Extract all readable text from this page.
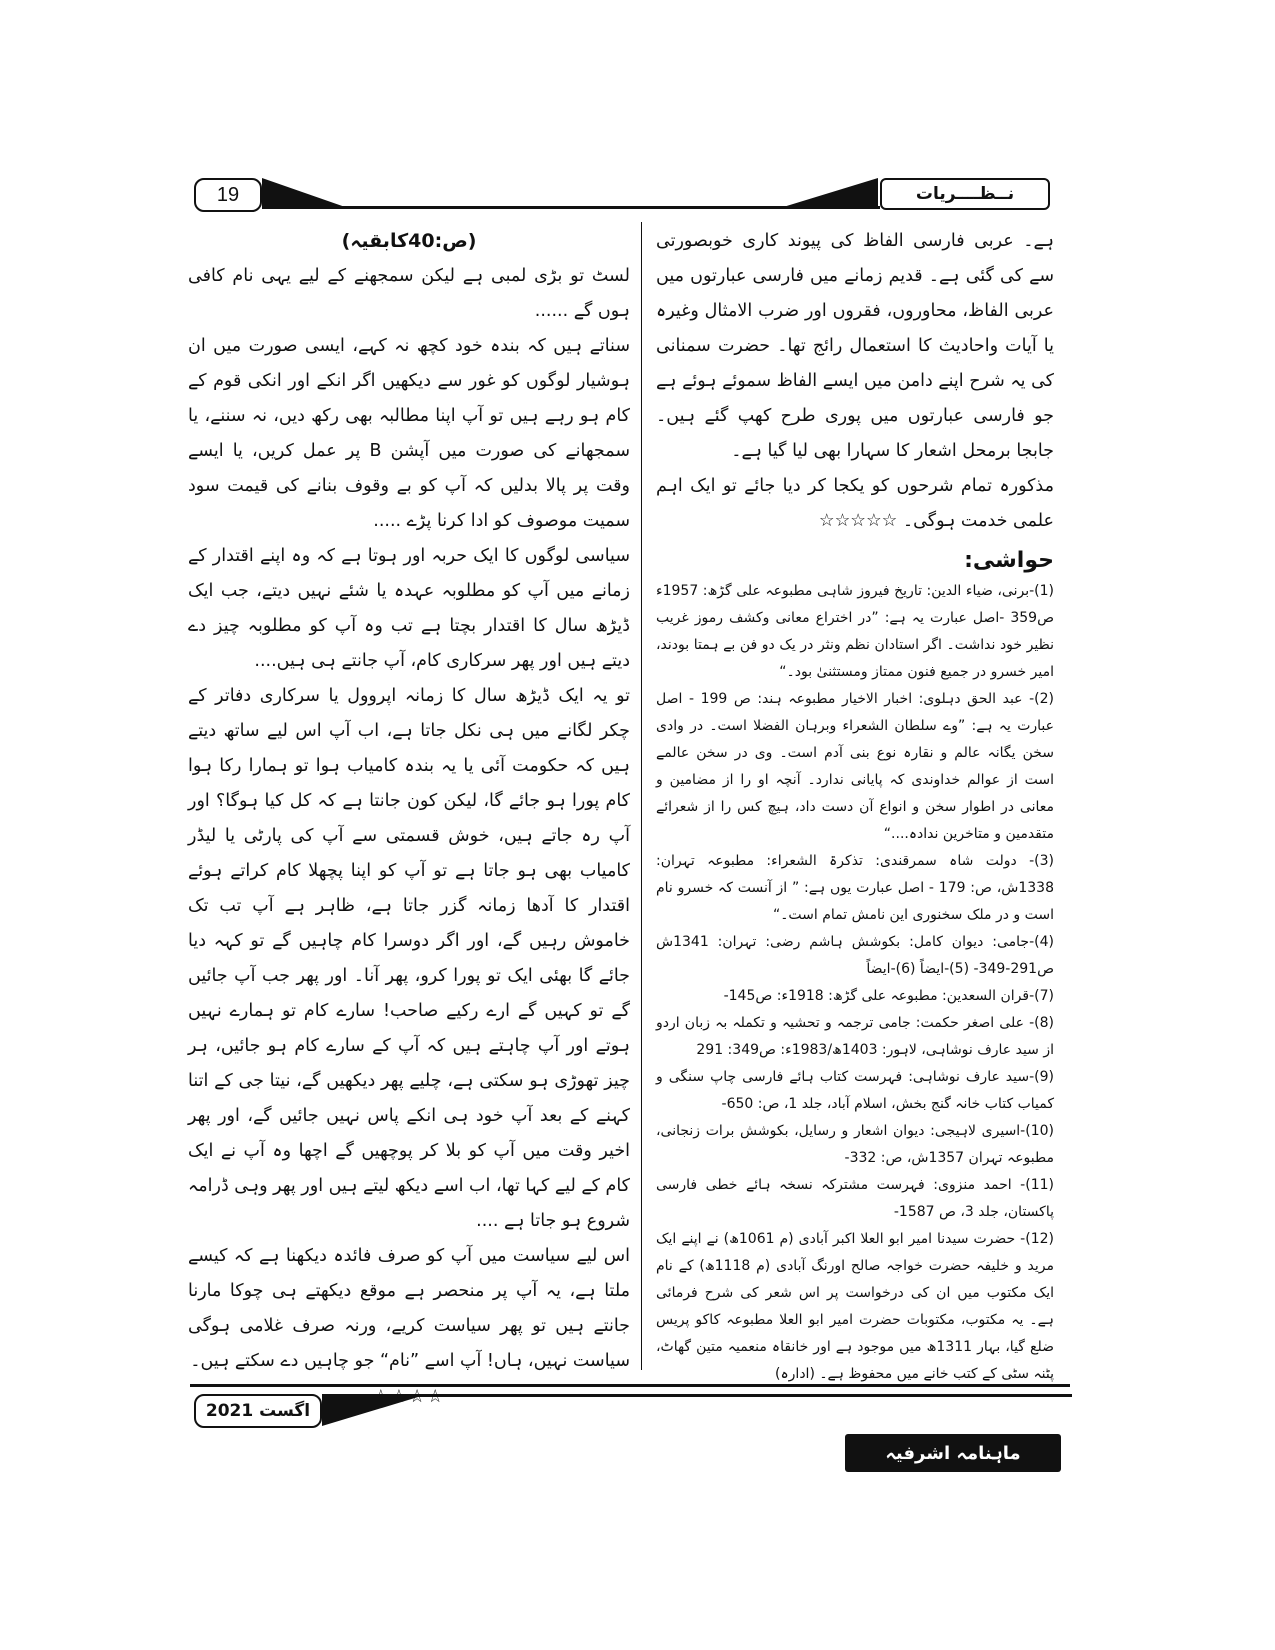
19	نــظــــريات

(ص:40کابقیہ)

لسٹ تو بڑی لمبی ہے لیکن سمجھنے کے لیے یہی نام کافی ہوں گے ......

سناتے ہیں کہ بندہ خود کچھ نہ کہے، ایسی صورت میں ان ہوشیار لوگوں کو غور سے دیکھیں اگر انکے اور انکی قوم کے کام ہو رہے ہیں تو آپ اپنا مطالبہ بھی رکھ دیں، نہ سننے، یا سمجھانے کی صورت میں آپشن B پر عمل کریں، یا ایسے وقت پر پالا بدلیں کہ آپ کو بے وقوف بنانے کی قیمت سود سمیت موصوف کو ادا کرنا پڑے .....

سیاسی لوگوں کا ایک حربہ اور ہوتا ہے کہ وہ اپنے اقتدار کے زمانے میں آپ کو مطلوبہ عہدہ یا شئے نہیں دیتے، جب ایک ڈیڑھ سال کا اقتدار بچتا ہے تب وہ آپ کو مطلوبہ چیز دے دیتے ہیں اور پھر سرکاری کام، آپ جانتے ہی ہیں....

تو یہ ایک ڈیڑھ سال کا زمانہ اپروول یا سرکاری دفاتر کے چکر لگانے میں ہی نکل جاتا ہے، اب آپ اس لیے ساتھ دیتے ہیں کہ حکومت آئی یا یہ بندہ کامیاب ہوا تو ہمارا رکا ہوا کام پورا ہو جائے گا، لیکن کون جانتا ہے کہ کل کیا ہوگا؟ اور آپ رہ جاتے ہیں، خوش قسمتی سے آپ کی پارٹی یا لیڈر کامیاب بھی ہو جاتا ہے تو آپ کو اپنا پچھلا کام کراتے ہوئے اقتدار کا آدھا زمانہ گزر جاتا ہے، ظاہر ہے آپ تب تک خاموش رہیں گے، اور اگر دوسرا کام چاہیں گے تو کہہ دیا جائے گا بھئی ایک تو پورا کرو، پھر آنا۔ اور پھر جب آپ جائیں گے تو کہیں گے ارے رکیے صاحب! سارے کام تو ہمارے نہیں ہوتے اور آپ چاہتے ہیں کہ آپ کے سارے کام ہو جائیں، ہر چیز تھوڑی ہو سکتی ہے، چلیے پھر دیکھیں گے، نیتا جی کے اتنا کہنے کے بعد آپ خود ہی انکے پاس نہیں جائیں گے، اور پھر اخیر وقت میں آپ کو بلا کر پوچھیں گے اچھا وہ آپ نے ایک کام کے لیے کہا تھا، اب اسے دیکھ لیتے ہیں اور پھر وہی ڈرامہ شروع ہو جاتا ہے ....

اس لیے سیاست میں آپ کو صرف فائدہ دیکھنا ہے کہ کیسے ملتا ہے، یہ آپ پر منحصر ہے موقع دیکھتے ہی چوکا مارنا جانتے ہیں تو پھر سیاست کریے، ورنہ صرف غلامی ہوگی سیاست نہیں، ہاں! آپ اسے ”نام“ جو چاہیں دے سکتے ہیں۔

ہے۔ عربی فارسی الفاظ کی پیوند کاری خوبصورتی سے کی گئی ہے۔ قدیم زمانے میں فارسی عبارتوں میں عربی الفاظ، محاوروں، فقروں اور ضرب الامثال وغیرہ یا آیات واحادیث کا استعمال رائج تھا۔ حضرت سمنانی کی یہ شرح اپنے دامن میں ایسے الفاظ سموئے ہوئے ہے جو فارسی عبارتوں میں پوری طرح کھپ گئے ہیں۔ جابجا برمحل اشعار کا سہارا بھی لیا گیا ہے۔

مذکورہ تمام شرحوں کو یکجا کر دیا جائے تو ایک اہم علمی خدمت ہوگی۔ ☆☆☆☆☆

حواشی:

(1)-برنی، ضیاء الدین: تاریخ فیروز شاہی مطبوعہ علی گڑھ: 1957ء ص359 -اصل عبارت یہ ہے: ”در اختراع معانی وکشف رموز غریب نظیر خود نداشت۔ اگر استادان نظم ونثر در یک دو فن بے ہمتا بودند، امیر خسرو در جمیع فنون ممتاز ومستثنیٰ بود۔“

(2)- عبد الحق دہلوی: اخبار الاخیار مطبوعہ ہند: ص 199 - اصل عبارت یہ ہے: ”وے سلطان الشعراء وبرہان الفضلا است۔ در وادی سخن یگانہ عالم و نقارہ نوع بنی آدم است۔ وی در سخن عالمے است از عوالم خداوندی کہ پایانی ندارد۔ آنچہ او را از مضامین و معانی در اطوار سخن و انواع آن دست داد، ہیچ کس را از شعرائے متقدمین و متاخرین ندادہ....“

(3)- دولت شاہ سمرقندی: تذکرۃ الشعراء: مطبوعہ تہران: 1338ش، ص: 179 - اصل عبارت یوں ہے: ” از آنست کہ خسرو نام است و در ملک سخنوری این نامش تمام است۔“

(4)-جامی: دیوان کامل: بکوشش ہاشم رضی: تہران: 1341ش ص291-349- (5)-ایضاً (6)-ایضاً

(7)-قران السعدین: مطبوعہ علی گڑھ: 1918ء: ص145-

(8)- علی اصغر حکمت: جامی ترجمہ و تحشیہ و تکملہ بہ زبان اردو از سید عارف نوشاہی، لاہور: 1403ھ/1983ء: ص349: 291

(9)-سید عارف نوشاہی: فہرست کتاب ہائے فارسی چاپ سنگی و کمیاب کتاب خانہ گنج بخش، اسلام آباد، جلد 1، ص: 650-

(10)-اسیری لاہیجی: دیوان اشعار و رسایل، بکوشش برات زنجانی، مطبوعہ تہران 1357ش، ص: 332-

(11)- احمد منزوی: فہرست مشترکہ نسخہ ہائے خطی فارسی پاکستان، جلد 3، ص 1587-

(12)- حضرت سیدنا امیر ابو العلا اکبر آبادی (م 1061ھ) نے اپنے ایک مرید و خلیفہ حضرت خواجہ صالح اورنگ آبادی (م 1118ھ) کے نام ایک مکتوب میں ان کی درخواست پر اس شعر کی شرح فرمائی ہے۔ یہ مکتوب، مکتوبات حضرت امیر ابو العلا مطبوعہ کاکو پریس ضلع گیا، بہار 1311ھ میں موجود ہے اور خانقاہ منعمیہ متین گھاٹ، پٹنہ سٹی کے کتب خانے میں محفوظ ہے۔ (ادارہ)

اگست 2021
ماہنامہ اشرفیہ
